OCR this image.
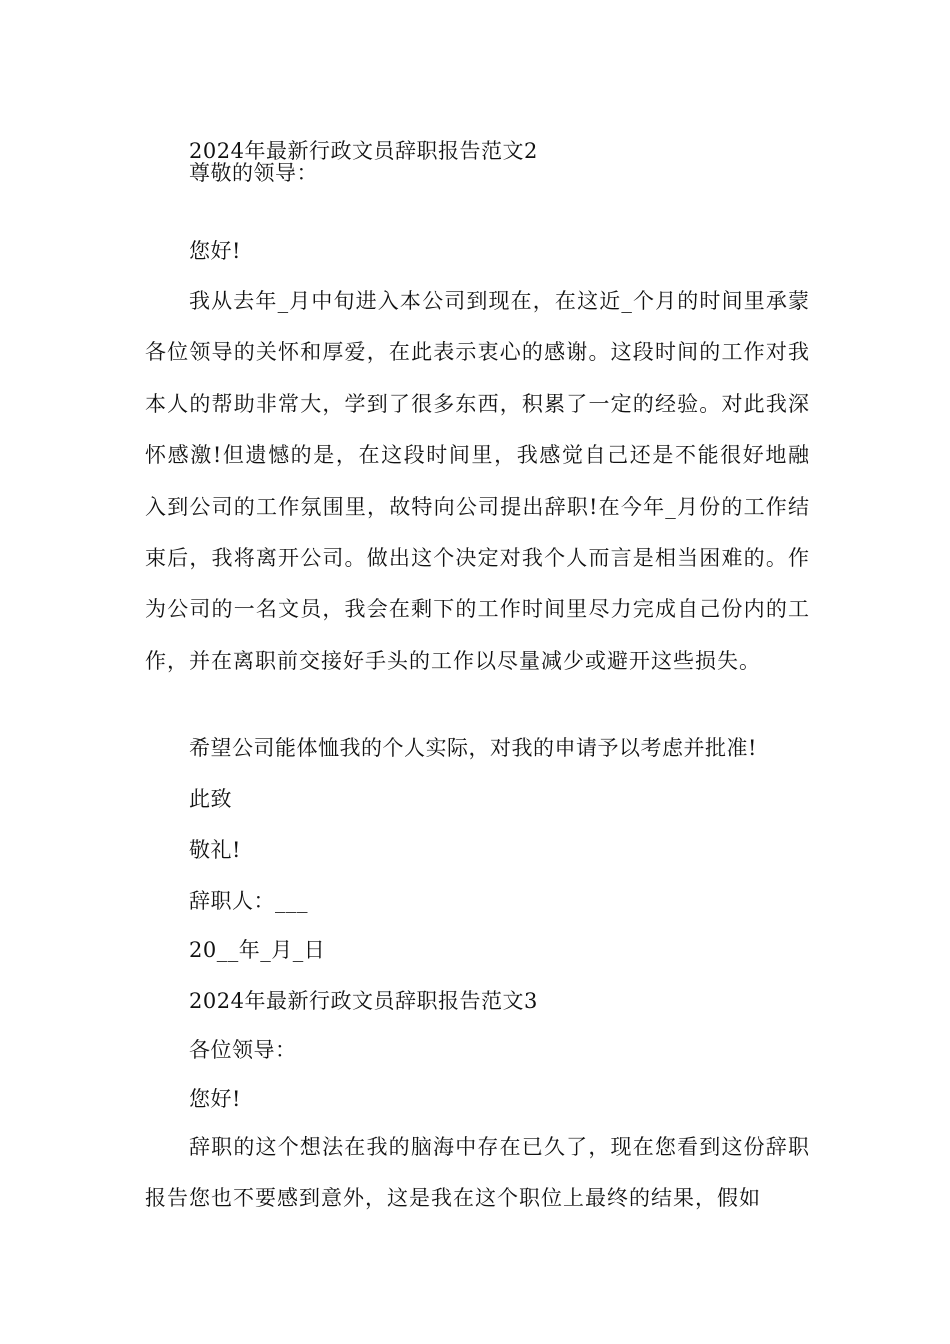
2024年最新行政文员辞职报告范文2
尊敬的领导：
您好!
我从去年_月中旬进入本公司到现在，在这近_个月的时间里承蒙各位领导的关怀和厚爱，在此表示衷心的感谢。这段时间的工作对我本人的帮助非常大，学到了很多东西，积累了一定的经验。对此我深怀感激!但遗憾的是，在这段时间里，我感觉自己还是不能很好地融入到公司的工作氛围里，故特向公司提出辞职!在今年_月份的工作结束后，我将离开公司。做出这个决定对我个人而言是相当困难的。作为公司的一名文员，我会在剩下的工作时间里尽力完成自己份内的工作，并在离职前交接好手头的工作以尽量减少或避开这些损失。
希望公司能体恤我的个人实际，对我的申请予以考虑并批准!
此致
敬礼!
辞职人：___
20__年_月_日
2024年最新行政文员辞职报告范文3
各位领导：
您好!
辞职的这个想法在我的脑海中存在已久了，现在您看到这份辞职报告您也不要感到意外，这是我在这个职位上最终的结果，假如
